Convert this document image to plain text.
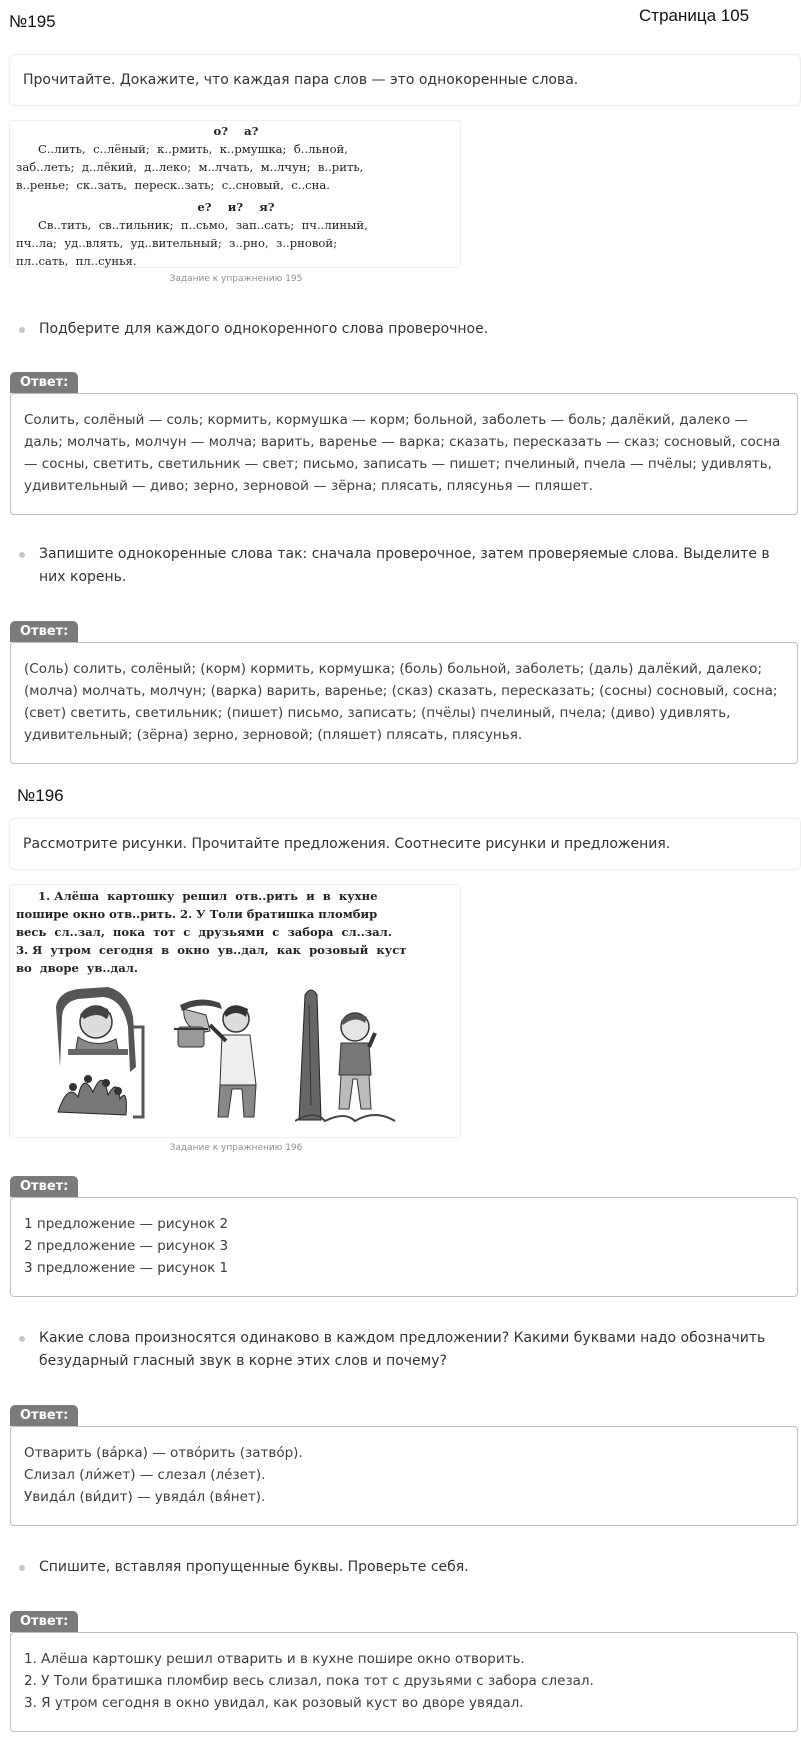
№195	Страница 105
Прочитайте. Докажите, что каждая пара слов — это однокоренные слова.
о?    а?
С..лить,  с..лёный;  к..рмить,  к..рмушка;  б..льной,
заб..леть;  д..лёкий,  д..леко;  м..лчать,  м..лчун;  в..рить,
в..ренье;  ск..зать,  переск..зать;  с..сновый,  с..сна.
е?    и?    я?
Св..тить,  св..тильник;  п..сьмо,  зап..сать;  пч..линый,
пч..ла;  уд..влять,  уд..вительный;  з..рно,  з..рновой;
пл..сать,  пл..сунья.
Задание к упражнению 195
Подберите для каждого однокоренного слова проверочное.
Ответ:
Солить, солёный — соль; кормить, кормушка — корм; больной, заболеть — боль; далёкий, далеко — даль; молчать, молчун — молча; варить, варенье — варка; сказать, пересказать — сказ; сосновый, сосна — сосны, светить, светильник — свет; письмо, записать — пишет; пчелиный, пчела — пчёлы; удивлять, удивительный — диво; зерно, зерновой — зёрна; плясать, плясунья — пляшет.
Запишите однокоренные слова так: сначала проверочное, затем проверяемые слова. Выделите в них корень.
Ответ:
(Соль) солить, солёный; (корм) кормить, кормушка; (боль) больной, заболеть; (даль) далёкий, далеко; (молча) молчать, молчун; (варка) варить, варенье; (сказ) сказать, пересказать; (сосны) сосновый, сосна; (свет) светить, светильник; (пишет) письмо, записать; (пчёлы) пчелиный, пчела; (диво) удивлять, удивительный; (зёрна) зерно, зерновой; (пляшет) плясать, плясунья.
№196
Рассмотрите рисунки. Прочитайте предложения. Соотнесите рисунки и предложения.
1. Алёша  картошку  решил  отв..рить  и  в  кухне
пошире окно отв..рить. 2. У Толи братишка пломбир
весь  сл..зал,  пока  тот  с  друзьями  с  забора  сл..зал.
3. Я  утром  сегодня  в  окно  ув..дал,  как  розовый  куст
во  дворе  ув..дал.
Задание к упражнению 196
Ответ:
1 предложение — рисунок 2
2 предложение — рисунок 3
3 предложение — рисунок 1
Какие слова произносятся одинаково в каждом предложении? Какими буквами надо обозначить безударный гласный звук в корне этих слов и почему?
Ответ:
Отварить (ва́рка) — отво́рить (затво́р).
Слизал (ли́жет) — слезал (ле́зет).
Увида́л (ви́дит) — увяда́л (вя́нет).
Спишите, вставляя пропущенные буквы. Проверьте себя.
Ответ:
1. Алёша картошку решил отварить и в кухне пошире окно отворить.
2. У Толи братишка пломбир весь слизал, пока тот с друзьями с забора слезал.
3. Я утром сегодня в окно увидал, как розовый куст во дворе увядал.
